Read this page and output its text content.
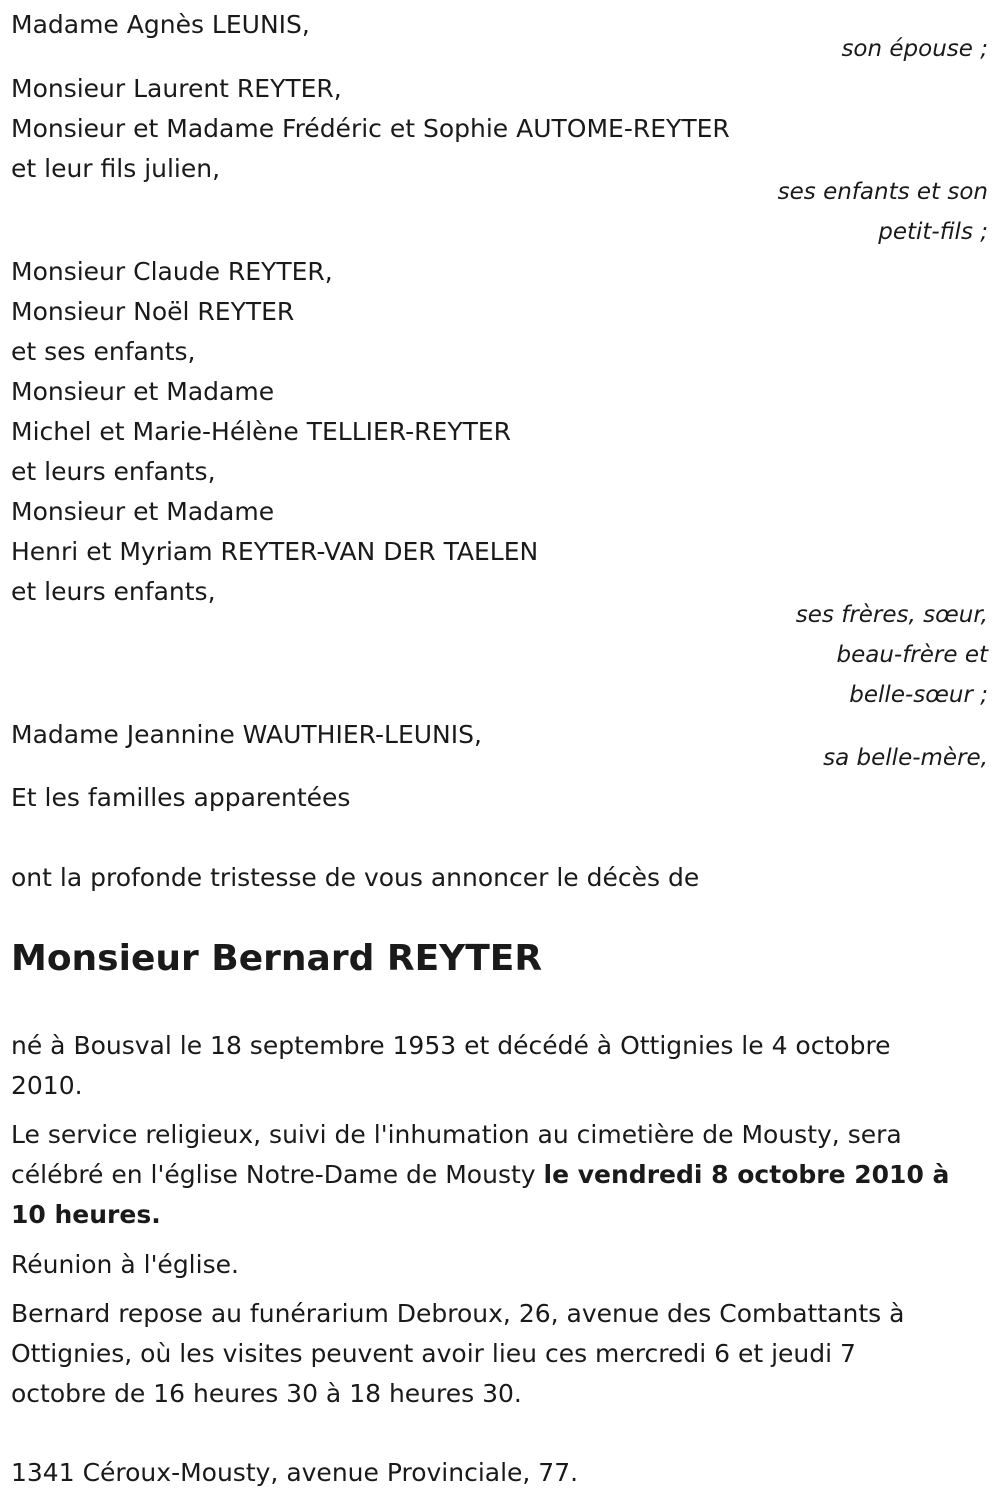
Madame Agnès LEUNIS,
son épouse ;
Monsieur Laurent REYTER,
Monsieur et Madame Frédéric et Sophie AUTOME-REYTER
et leur fils julien,
ses enfants et son
petit-fils ;
Monsieur Claude REYTER,
Monsieur Noël REYTER
et ses enfants,
Monsieur et Madame
Michel et Marie-Hélène TELLIER-REYTER
et leurs enfants,
Monsieur et Madame
Henri et Myriam REYTER-VAN DER TAELEN
et leurs enfants,
ses frères, sœur,
beau-frère et
belle-sœur ;
Madame Jeannine WAUTHIER-LEUNIS,
sa belle-mère,
Et les familles apparentées
ont la profonde tristesse de vous annoncer le décès de
Monsieur Bernard REYTER
né à Bousval le 18 septembre 1953 et décédé à Ottignies le 4 octobre
2010.
Le service religieux, suivi de l'inhumation au cimetière de Mousty, sera
célébré en l'église Notre-Dame de Mousty le vendredi 8 octobre 2010 à
10 heures.
Réunion à l'église.
Bernard repose au funérarium Debroux, 26, avenue des Combattants à
Ottignies, où les visites peuvent avoir lieu ces mercredi 6 et jeudi 7
octobre de 16 heures 30 à 18 heures 30.
1341 Céroux-Mousty, avenue Provinciale, 77.
